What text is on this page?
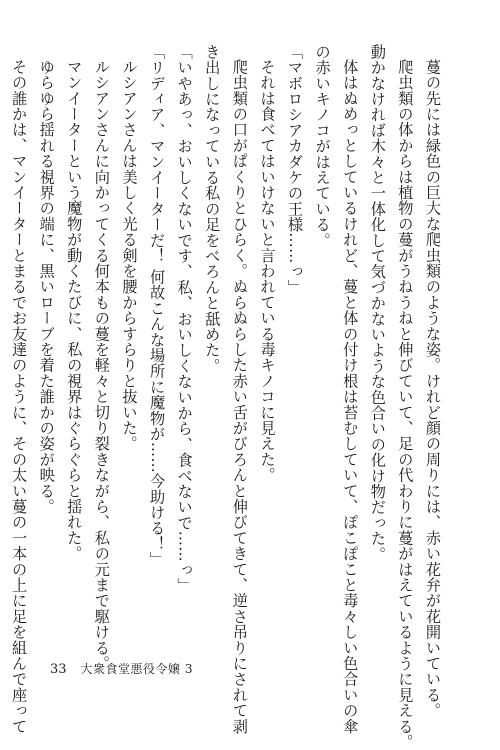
蔓の先には緑色の巨大な爬虫類のような姿。けれど顔の周りには、赤い花弁が花開いている。

爬虫類の体からは植物の蔓がうねうねと伸びていて、足の代わりに蔓がはえているように見える。

動かなければ木々と一体化して気づかないような色合いの化け物だった。

体はぬめっとしているけれど、蔓と体の付け根は苔むしていて、ぽこぽこと毒々しい色合いの傘

の赤いキノコがはえている。

「マボロシアカダケの王様……っ」

それは食べてはいけないと言われている毒キノコに見えた。

爬虫類の口がぱくりとひらく。ぬらぬらした赤い舌がびろんと伸びてきて、逆さ吊りにされて剥

き出しになっている私の足をべろんと舐めた。

「いやあっ、おいしくないです、私、おいしくないから、食べないで……っ」

「リディア、マンイーターだ！ 何故こんな場所に魔物が……今助ける！」

ルシアンさんは美しく光る剣を腰からすらりと抜いた。

ルシアンさんに向かってくる何本もの蔓を軽々と切り裂きながら、私の元まで駆ける。

マンイーターという魔物が動くたびに、私の視界はぐらぐらと揺れた。

ゆらゆら揺れる視界の端に、黒いローブを着た誰かの姿が映る。

その誰かは、マンイーターとまるでお友達のように、その太い蔓の一本の上に足を組んで座って	33 大衆食堂悪役令嬢 3
